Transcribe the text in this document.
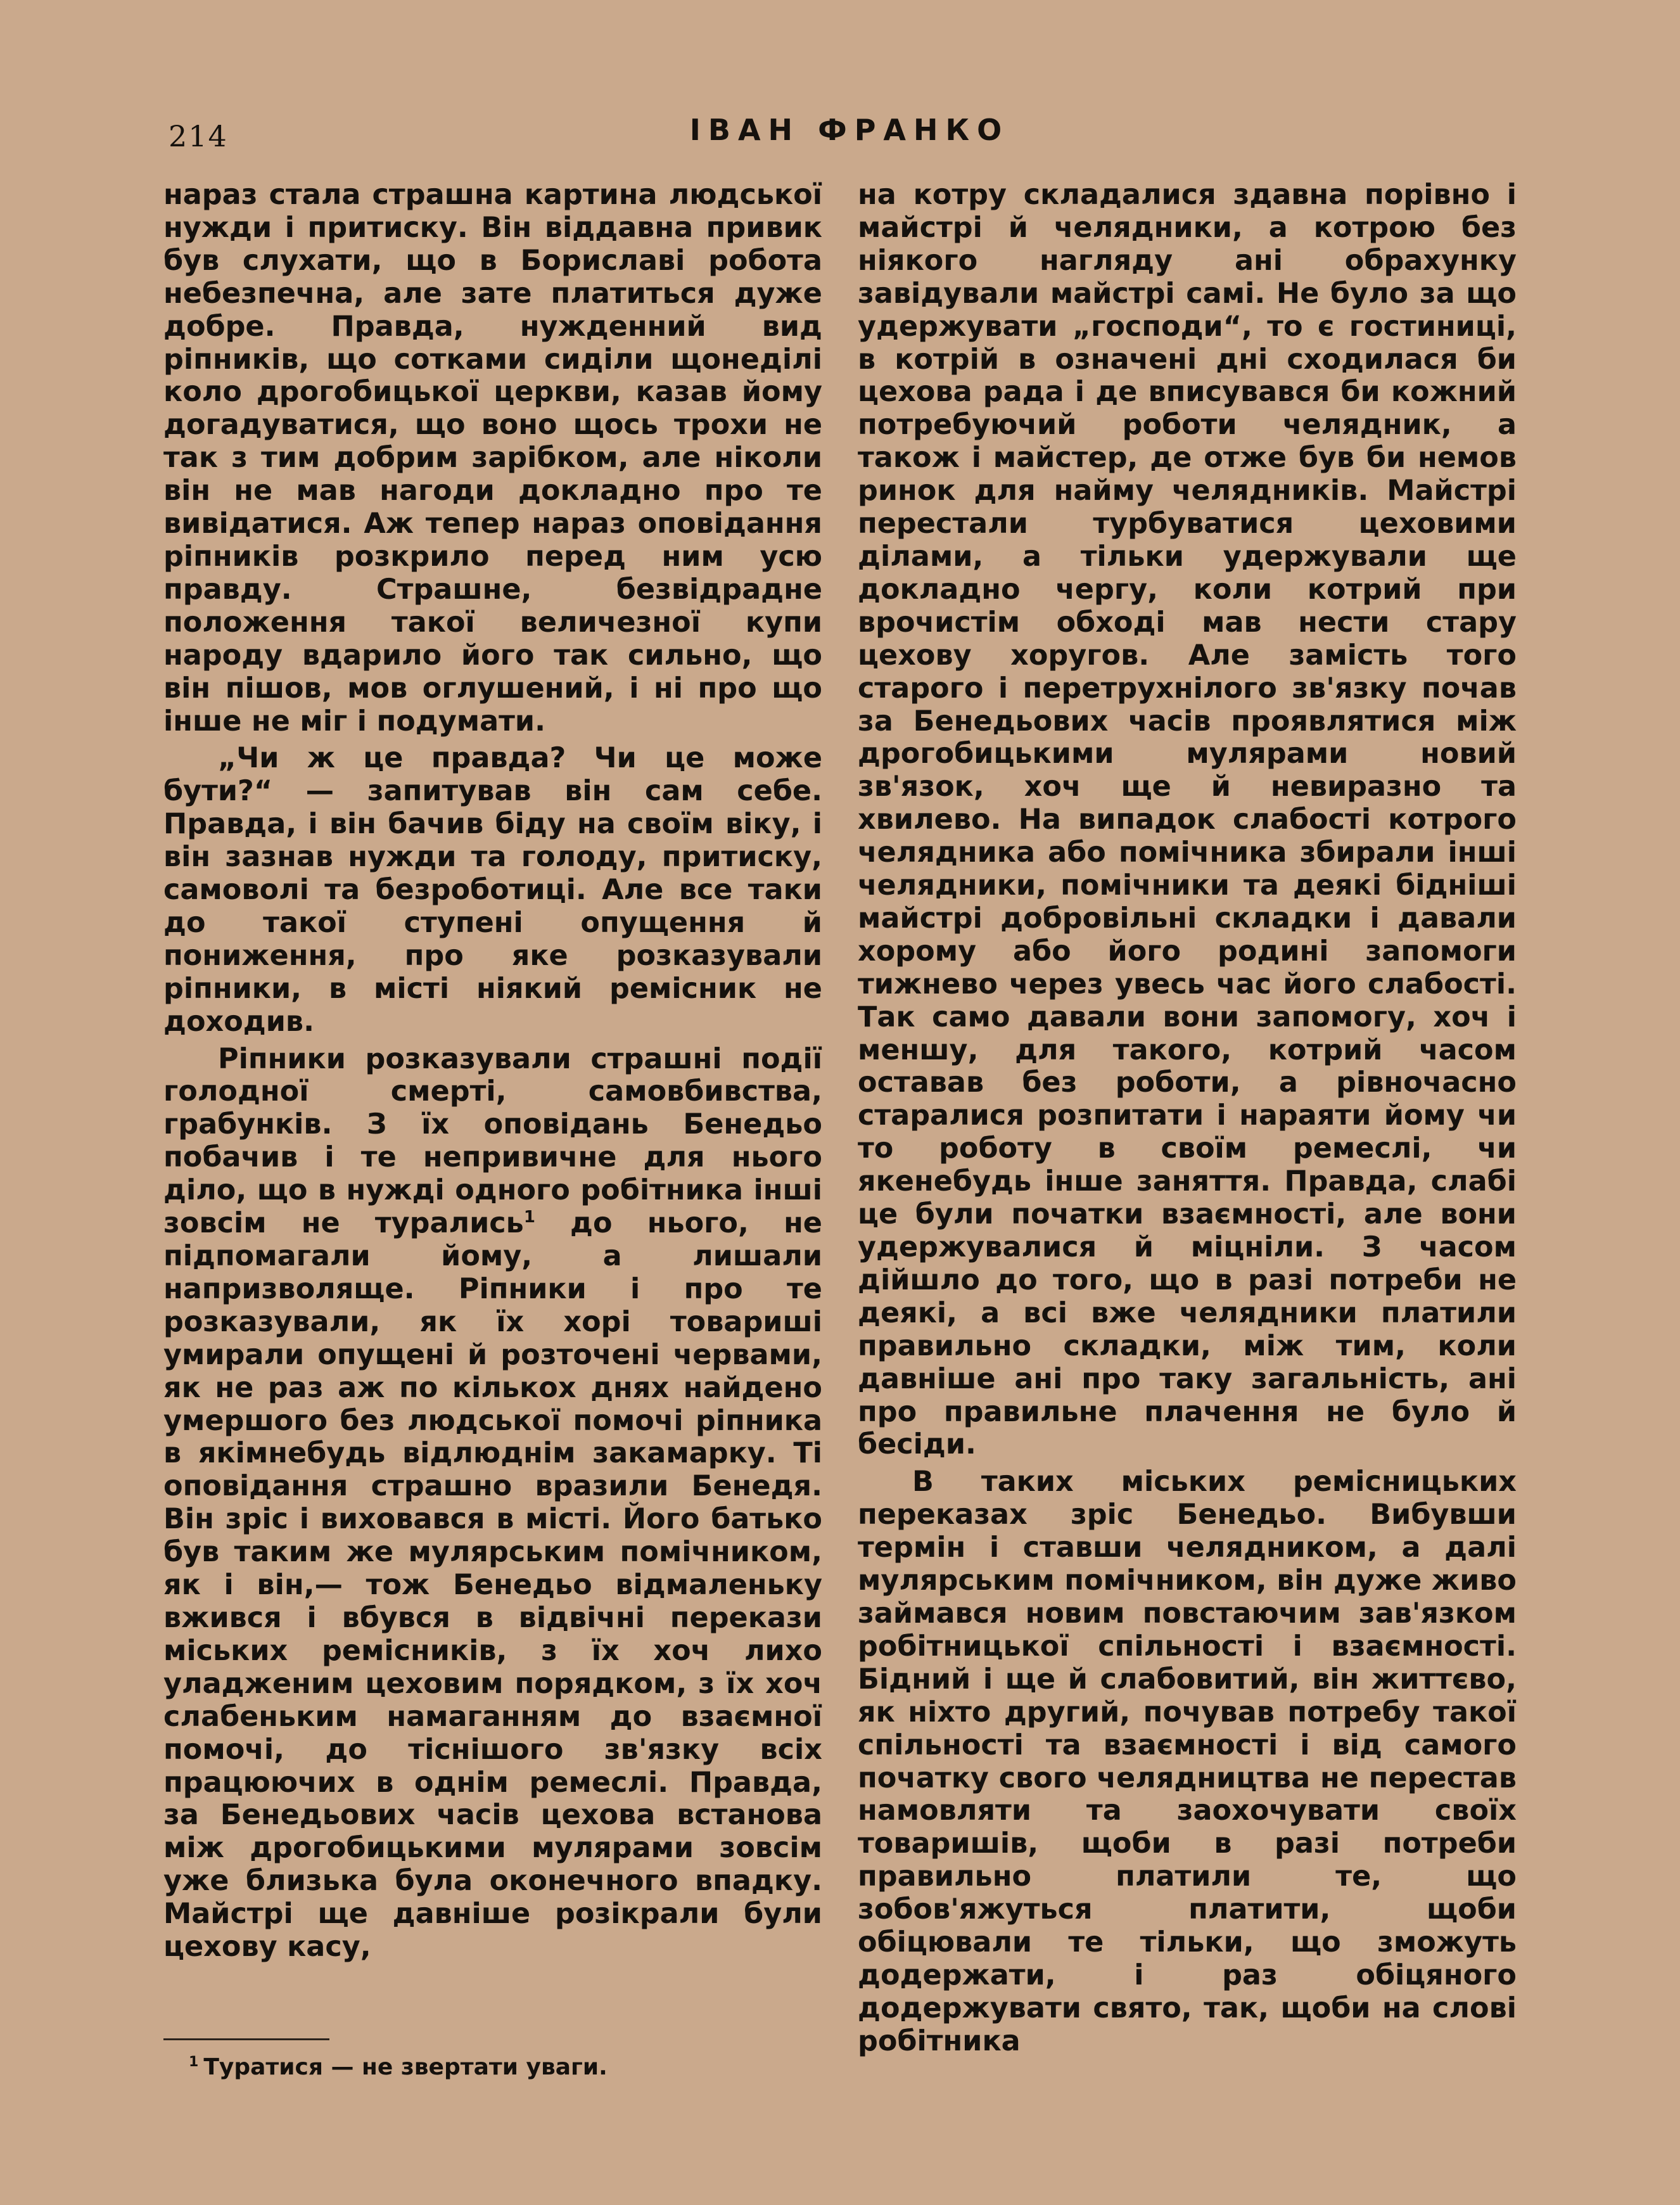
214	ІВАН ФРАНКО

нараз стала страшна картина людської нужди і притиску. Він віддавна привик був слухати, що в Бориславі робота небезпечна, але зате платиться дуже добре. Правда, нужденний вид ріпників, що сотками сиділи щонеділі коло дрогобицької церкви, казав йому догадуватися, що воно щось трохи не так з тим добрим зарібком, але ніколи він не мав нагоди докладно про те вивідатися. Аж тепер нараз оповідання ріпників розкрило перед ним усю правду. Страшне, безвідрадне положення такої величезної купи народу вдарило його так сильно, що він пішов, мов оглушений, і ні про що інше не міг і подумати.

„Чи ж це правда? Чи це може бути?“ — запитував він сам себе. Правда, і він бачив біду на своїм віку, і він зазнав нужди та голоду, притиску, самоволі та безроботиці. Але все таки до такої ступені опущення й пониження, про яке розказували ріпники, в місті ніякий ремісник не доходив.

Ріпники розказували страшні події голодної смерті, самовбивства, грабунків. З їх оповідань Бенедьо побачив і те непривичне для нього діло, що в нужді одного робітника інші зовсім не турались$^1$ до нього, не підпомагали йому, а лишали напризволяще. Ріпники і про те розказували, як їх хорі товариші умирали опущені й розточені червами, як не раз аж по кількох днях найдено умершого без людської помочі ріпника в якімнебудь відлюднім закамарку. Ті оповідання страшно вразили Бенедя. Він зріс і виховався в місті. Його батько був таким же мулярським помічником, як і він,— тож Бенедьо відмаленьку вжився і вбувся в відвічні перекази міських ремісників, з їх хоч лихо уладженим цеховим порядком, з їх хоч слабеньким намаганням до взаємної помочі, до тіснішого зв'язку всіх працюючих в однім ремеслі. Правда, за Бенедьових часів цехова встанова між дрогобицькими мулярами зовсім уже близька була оконечного впадку. Майстрі ще давніше розікрали були цехову касу,

на котру складалися здавна порівно і майстрі й челядники, а котрою без ніякого нагляду ані обрахунку завідували майстрі самі. Не було за що удержувати „господи“, то є гостиниці, в котрій в означені дні сходилася би цехова рада і де вписувався би кожний потребуючий роботи челядник, а також і майстер, де отже був би немов ринок для найму челядників. Майстрі перестали турбуватися цеховими ділами, а тільки удержували ще докладно чергу, коли котрий при врочистім обході мав нести стару цехову хоругов. Але замість того старого і перетрухнілого зв'язку почав за Бенедьових часів проявлятися між дрогобицькими мулярами новий зв'язок, хоч ще й невиразно та хвилево. На випадок слабості котрого челядника або помічника збирали інші челядники, помічники та деякі бідніші майстрі добровільні складки і давали хорому або його родині запомоги тижнево через увесь час його слабості. Так само давали вони запомогу, хоч і меншу, для такого, котрий часом оставав без роботи, а рівночасно старалися розпитати і нараяти йому чи то роботу в своїм ремеслі, чи якенебудь інше заняття. Правда, слабі це були початки взаємності, але вони удержувалися й міцніли. З часом дійшло до того, що в разі потреби не деякі, а всі вже челядники платили правильно складки, між тим, коли давніше ані про таку загальність, ані про правильне плачення не було й бесіди.

В таких міських ремісницьких переказах зріс Бенедьо. Вибувши термін і ставши челядником, а далі мулярським помічником, він дуже живо займався новим повстаючим зав'язком робітницької спільності і взаємності. Бідний і ще й слабовитий, він життєво, як ніхто другий, почував потребу такої спільності та взаємності і від самого початку свого челядництва не перестав намовляти та заохочувати своїх товаришів, щоби в разі потреби правильно платили те, що зобов'яжуться платити, щоби обіцювали те тільки, що зможуть додержати, і раз обіцяного додержувати свято, так, щоби на слові робітника

$^1$ Туратися — не звертати уваги.
